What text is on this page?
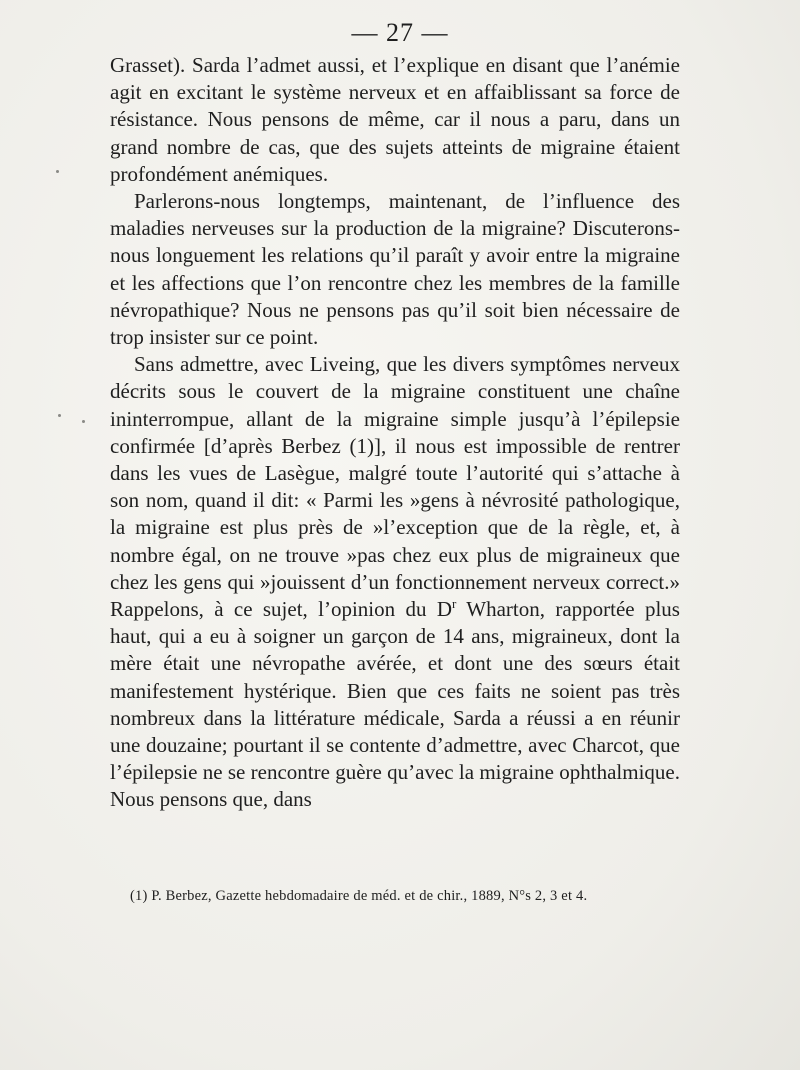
— 27 —

Grasset). Sarda l’admet aussi, et l’explique en disant que l’anémie agit en excitant le système nerveux et en affaiblissant sa force de résistance. Nous pensons de même, car il nous a paru, dans un grand nombre de cas, que des sujets atteints de migraine étaient profondément anémiques.

Parlerons-nous longtemps, maintenant, de l’influence des maladies nerveuses sur la production de la migraine? Discuterons-nous longuement les relations qu’il paraît y avoir entre la migraine et les affections que l’on rencontre chez les membres de la famille névropathique? Nous ne pensons pas qu’il soit bien nécessaire de trop insister sur ce point.

Sans admettre, avec Liveing, que les divers symptômes nerveux décrits sous le couvert de la migraine constituent une chaîne ininterrompue, allant de la migraine simple jusqu’à l’épilepsie confirmée [d’après Berbez (1)], il nous est impossible de rentrer dans les vues de Lasègue, malgré toute l’autorité qui s’attache à son nom, quand il dit: « Parmi les »gens à névrosité pathologique, la migraine est plus près de »l’exception que de la règle, et, à nombre égal, on ne trouve »pas chez eux plus de migraineux que chez les gens qui »jouissent d’un fonctionnement nerveux correct.» Rappelons, à ce sujet, l’opinion du $D^r$ Wharton, rapportée plus haut, qui a eu à soigner un garçon de 14 ans, migraineux, dont la mère était une névropathe avérée, et dont une des sœurs était manifestement hystérique. Bien que ces faits ne soient pas très nombreux dans la littérature médicale, Sarda a réussi a en réunir une douzaine; pourtant il se contente d’admettre, avec Charcot, que l’épilepsie ne se rencontre guère qu’avec la migraine ophthalmique. Nous pensons que, dans

(1) P. Berbez, Gazette hebdomadaire de méd. et de chir., 1889, N°s 2, 3 et 4.
